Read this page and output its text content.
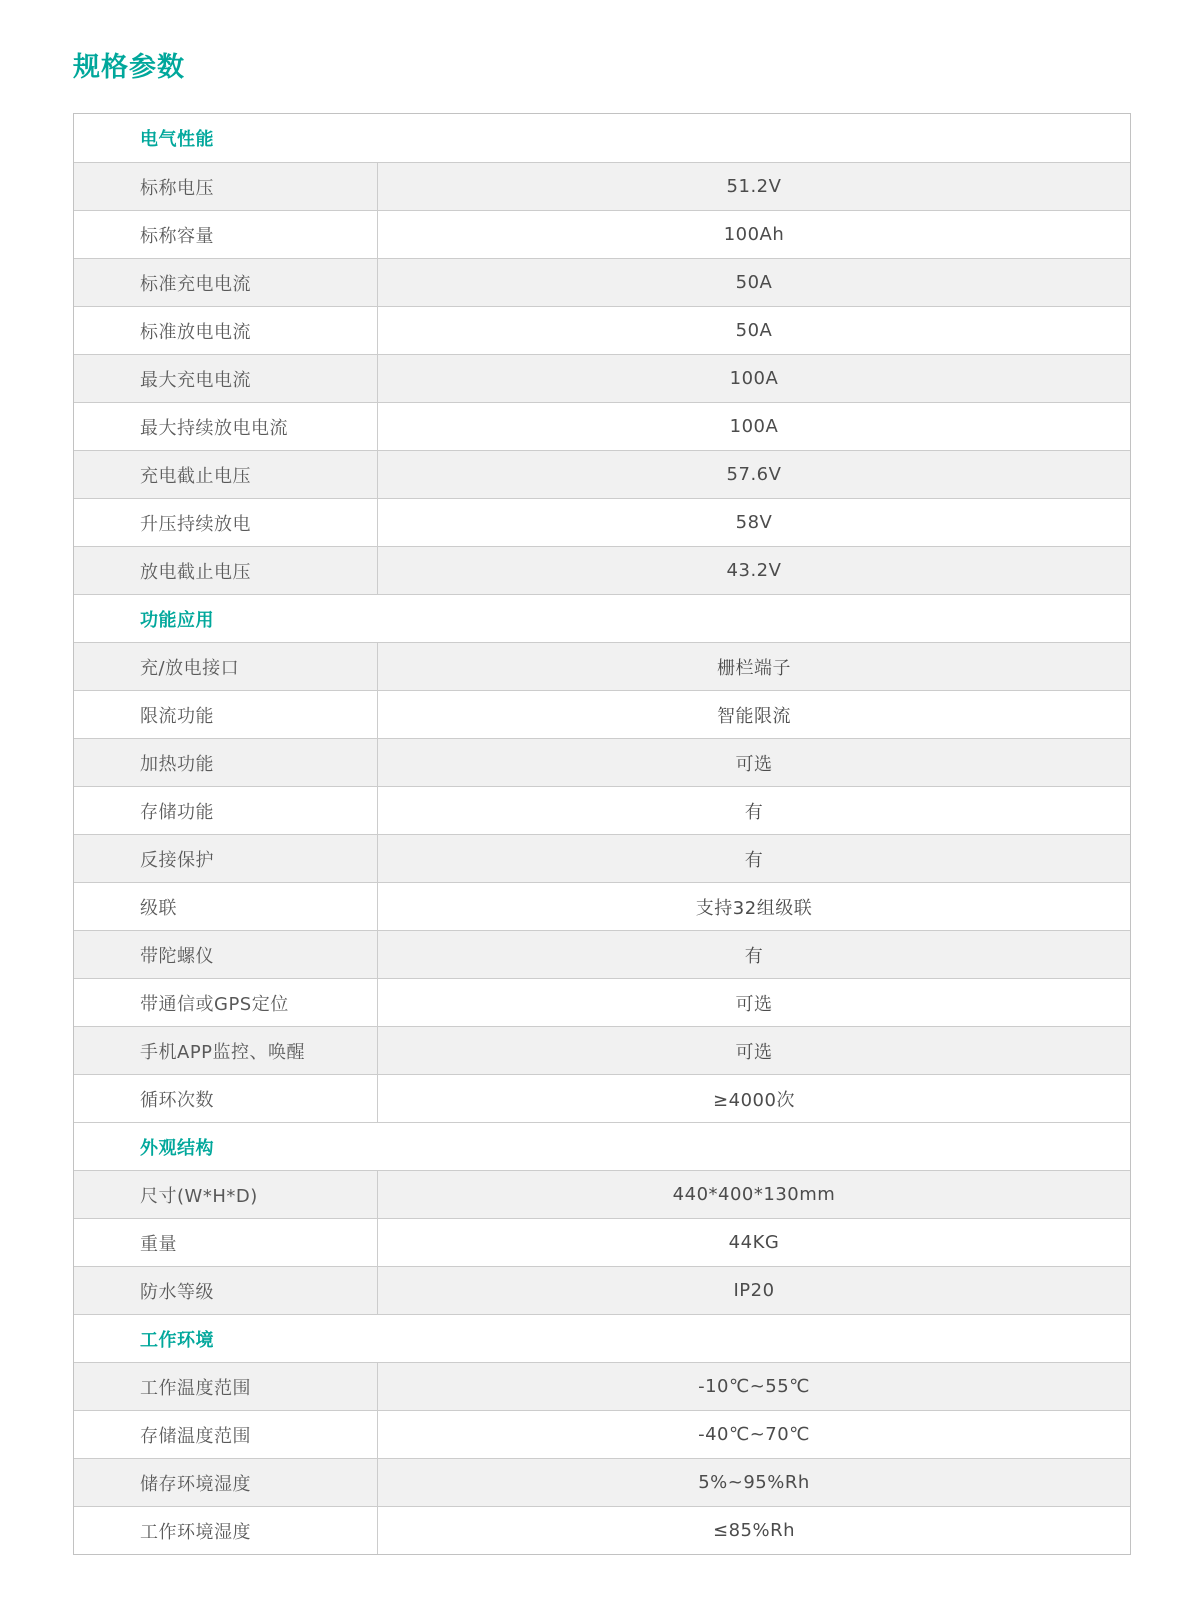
规格参数
电气性能
标称电压	51.2V
标称容量	100Ah
标准充电电流	50A
标准放电电流	50A
最大充电电流	100A
最大持续放电电流	100A
充电截止电压	57.6V
升压持续放电	58V
放电截止电压	43.2V
功能应用
充/放电接口	栅栏端子
限流功能	智能限流
加热功能	可选
存储功能	有
反接保护	有
级联	支持32组级联
带陀螺仪	有
带通信或GPS定位	可选
手机APP监控、唤醒	可选
循环次数	≥4000次
外观结构
尺寸(W*H*D)	440*400*130mm
重量	44KG
防水等级	IP20
工作环境
工作温度范围	-10℃~55℃
存储温度范围	-40℃~70℃
储存环境湿度	5%~95%Rh
工作环境湿度	≤85%Rh
